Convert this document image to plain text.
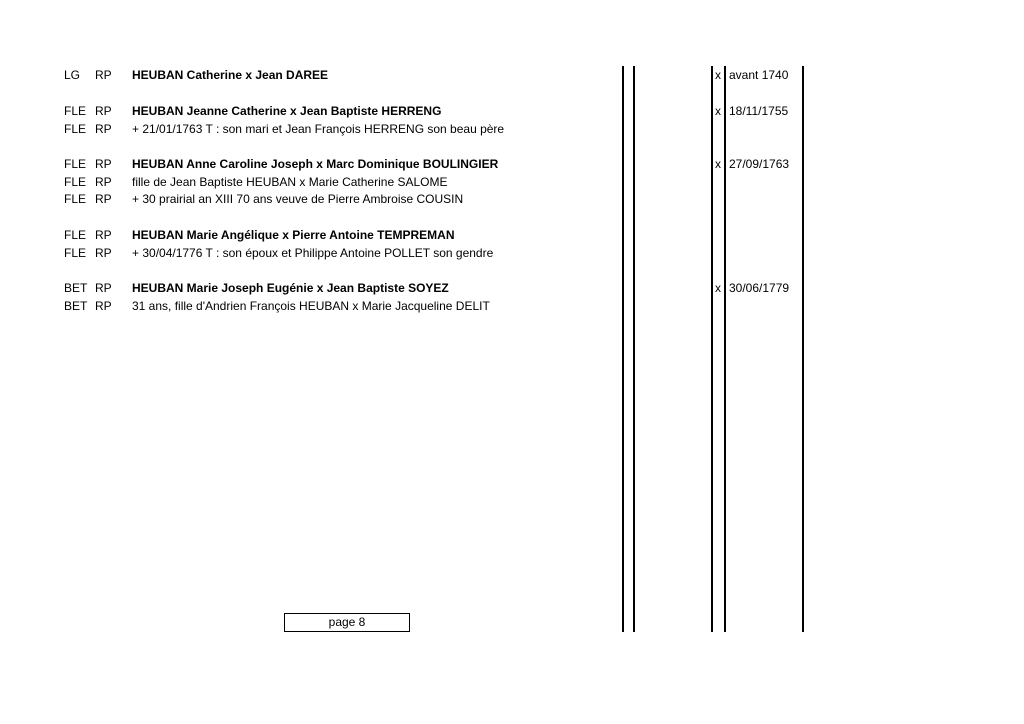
LG RP HEUBAN Catherine x Jean DAREE	x avant 1740
FLE RP HEUBAN Jeanne Catherine x Jean Baptiste HERRENG	x 18/11/1755
FLE RP + 21/01/1763 T : son mari et Jean François HERRENG son beau père
FLE RP HEUBAN Anne Caroline Joseph x Marc Dominique BOULINGIER	x 27/09/1763
FLE RP fille de Jean Baptiste HEUBAN x Marie Catherine SALOME
FLE RP + 30 prairial an XIII 70 ans veuve de Pierre Ambroise COUSIN
FLE RP HEUBAN Marie Angélique x Pierre Antoine TEMPREMAN
FLE RP + 30/04/1776 T : son époux et Philippe Antoine POLLET son gendre
BET RP HEUBAN Marie Joseph Eugénie x Jean Baptiste SOYEZ	x 30/06/1779
BET RP 31 ans, fille d'Andrien François HEUBAN x Marie Jacqueline DELIT
page 8
